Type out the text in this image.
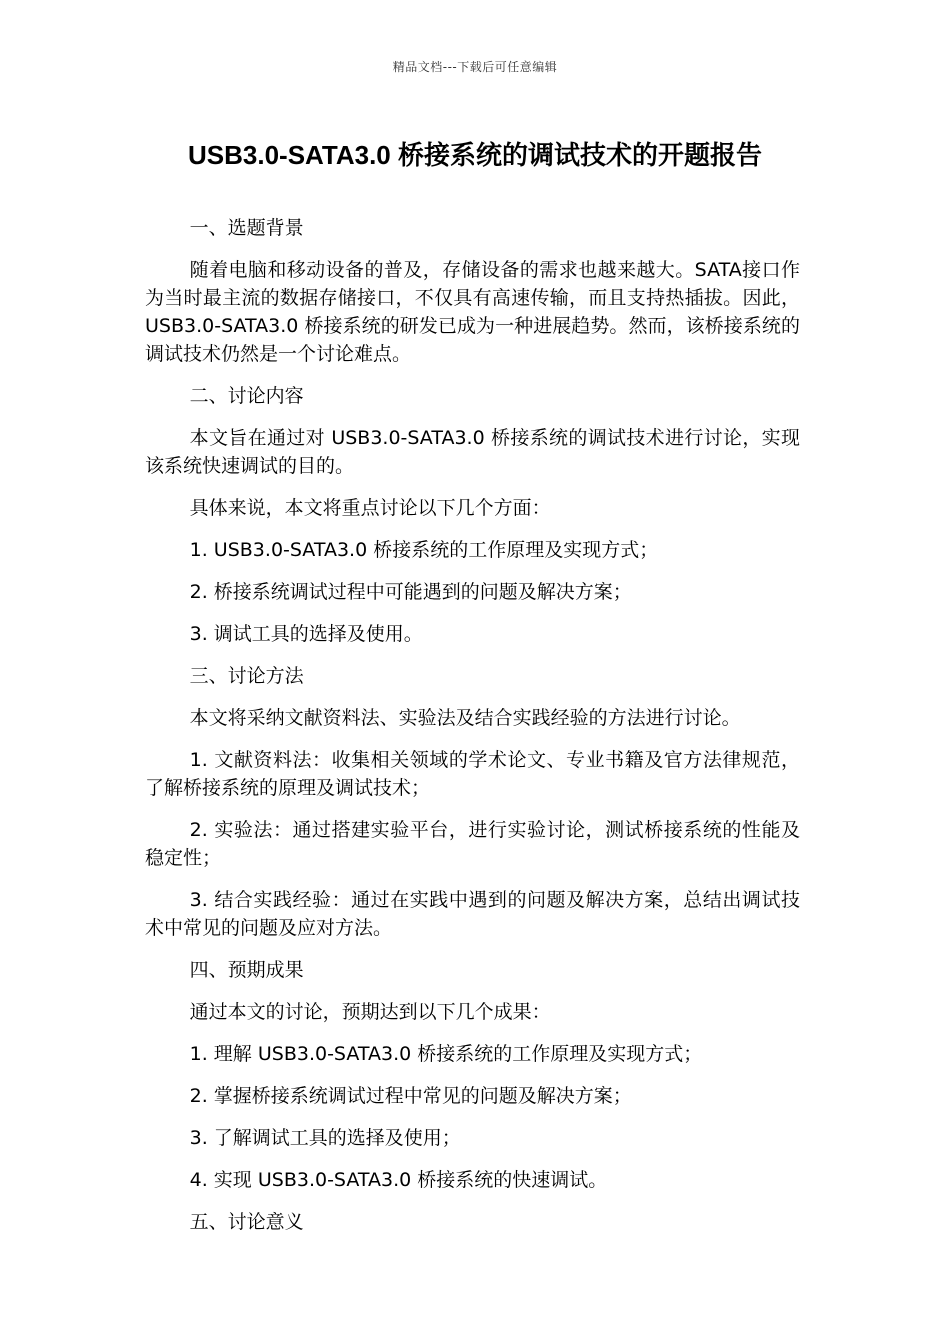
精品文档---下载后可任意编辑
USB3.0-SATA3.0 桥接系统的调试技术的开题报告

一、选题背景

随着电脑和移动设备的普及，存储设备的需求也越来越大。SATA接口作为当时最主流的数据存储接口，不仅具有高速传输，而且支持热插拔。因此，USB3.0-SATA3.0 桥接系统的研发已成为一种进展趋势。然而，该桥接系统的调试技术仍然是一个讨论难点。

二、讨论内容

本文旨在通过对 USB3.0-SATA3.0 桥接系统的调试技术进行讨论，实现该系统快速调试的目的。

具体来说，本文将重点讨论以下几个方面：

1. USB3.0-SATA3.0 桥接系统的工作原理及实现方式；

2. 桥接系统调试过程中可能遇到的问题及解决方案；

3. 调试工具的选择及使用。

三、讨论方法

本文将采纳文献资料法、实验法及结合实践经验的方法进行讨论。

1. 文献资料法：收集相关领域的学术论文、专业书籍及官方法律规范，了解桥接系统的原理及调试技术；

2. 实验法：通过搭建实验平台，进行实验讨论，测试桥接系统的性能及稳定性；

3. 结合实践经验：通过在实践中遇到的问题及解决方案，总结出调试技术中常见的问题及应对方法。

四、预期成果

通过本文的讨论，预期达到以下几个成果：

1. 理解 USB3.0-SATA3.0 桥接系统的工作原理及实现方式；

2. 掌握桥接系统调试过程中常见的问题及解决方案；

3. 了解调试工具的选择及使用；

4. 实现 USB3.0-SATA3.0 桥接系统的快速调试。

五、讨论意义
